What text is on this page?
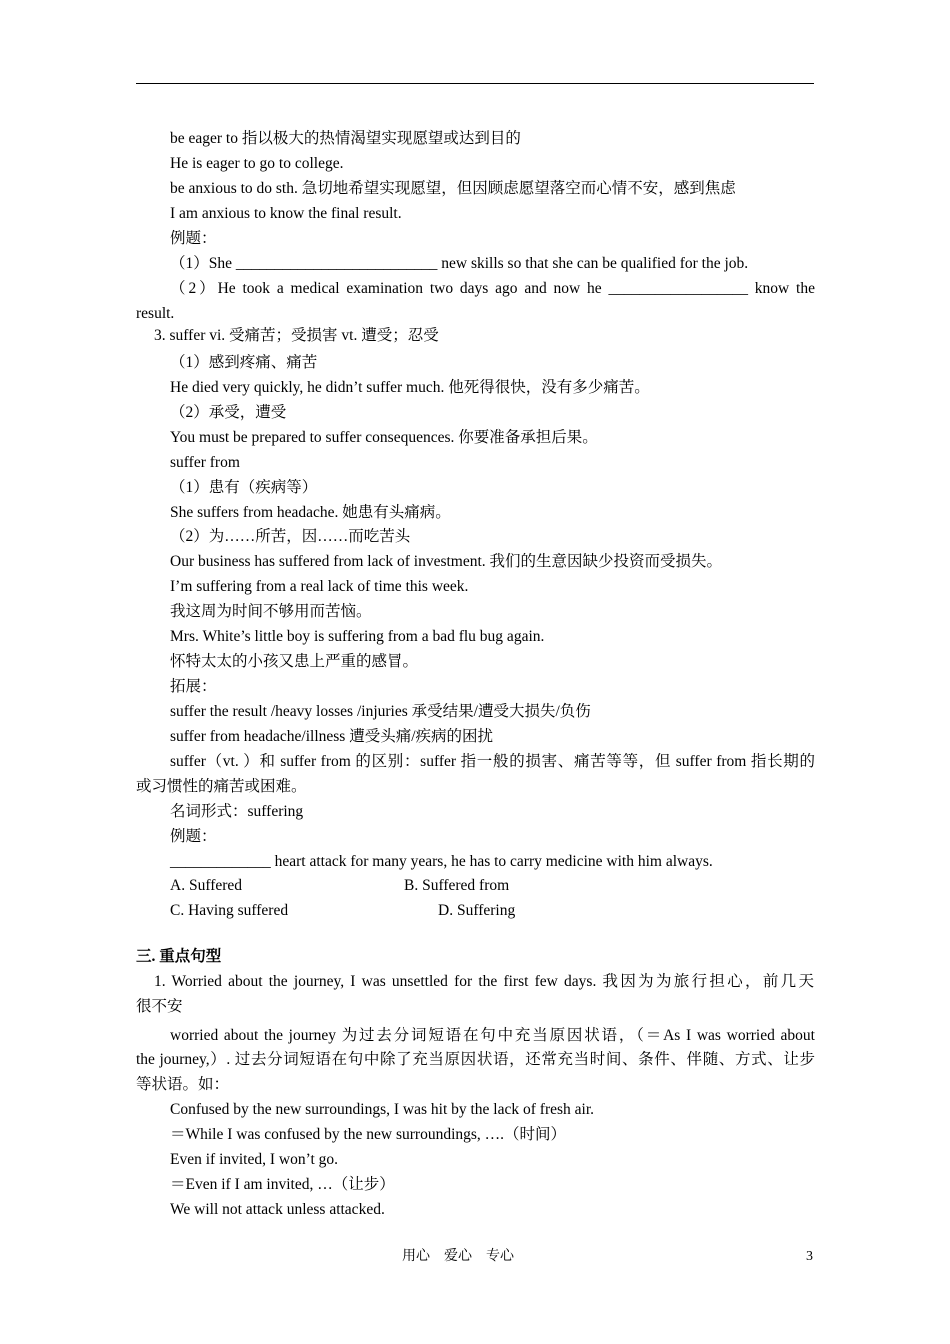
be eager to 指以极大的热情渴望实现愿望或达到目的
He is eager to go to college.
be anxious to do sth. 急切地希望实现愿望，但因顾虑愿望落空而心情不安，感到焦虑
I am anxious to know the final result.
例题：
（1）She __________________________ new skills so that she can be qualified for the job.
（2）He took a medical examination two days ago and now he __________________ know the
result.
3. suffer vi. 受痛苦；受损害 vt. 遭受；忍受
（1）感到疼痛、痛苦
He died very quickly, he didn’t suffer much. 他死得很快，没有多少痛苦。
（2）承受，遭受
You must be prepared to suffer consequences. 你要准备承担后果。
suffer from
（1）患有（疾病等）
She suffers from headache. 她患有头痛病。
（2）为……所苦，因……而吃苦头
Our business has suffered from lack of investment. 我们的生意因缺少投资而受损失。
I’m suffering from a real lack of time this week.
我这周为时间不够用而苦恼。
Mrs. White’s little boy is suffering from a bad flu bug again.
怀特太太的小孩又患上严重的感冒。
拓展：
suffer the result /heavy losses /injuries 承受结果/遭受大损失/负伤
suffer from headache/illness 遭受头痛/疾病的困扰
suffer（vt. ）和 suffer from 的区别：suffer 指一般的损害、痛苦等等，但 suffer from 指长期的
或习惯性的痛苦或困难。
名词形式：suffering
例题：
_____________ heart attack for many years, he has to carry medicine with him always.
A. Suffered	B. Suffered from
C. Having suffered	D. Suffering
三. 重点句型
1. Worried about the journey, I was unsettled for the first few days. 我因为为旅行担心，前几天
很不安
worried about the journey 为过去分词短语在句中充当原因状语，（＝As I was worried about
the journey,）. 过去分词短语在句中除了充当原因状语，还常充当时间、条件、伴随、方式、让步
等状语。如：
Confused by the new surroundings, I was hit by the lack of fresh air.
＝While I was confused by the new surroundings, ….（时间）
Even if invited, I won’t go.
＝Even if I am invited, …（让步）
We will not attack unless attacked.
用心　爱心　专心	3
